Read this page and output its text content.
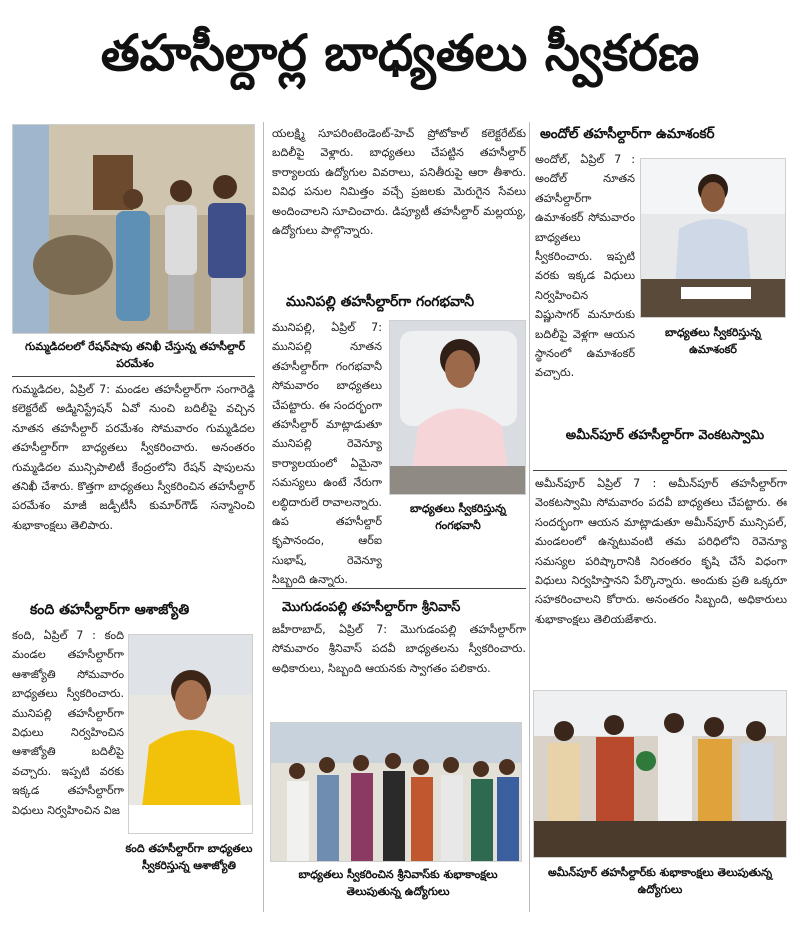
తహసీల్దార్ల బాధ్యతలు స్వీకరణ
గుమ్మడిదలలో రేషన్‌షాపు తనిఖీ చేస్తున్న తహసీల్దార్ పరమేశం
గుమ్మడిదల, ఏప్రిల్ 7: మండల తహసీల్దార్‌గా సంగారెడ్డి కలెక్టరేట్ అడ్మినిస్ట్రేషన్ ఏవో నుంచి బదిలీపై వచ్చిన నూతన తహసీల్దార్ పరమేశం సోమవారం గుమ్మడిదల తహసీల్దార్‌గా బాధ్యతలు స్వీకరించారు. అనంతరం గుమ్మడిదల మున్సిపాలిటీ కేంద్రంలోని రేషన్ షాపులను తనిఖీ చేశారు. కొత్తగా బాధ్యతలు స్వీకరించిన తహసీల్దార్ పరమేశం మాజీ జడ్పీటీసీ కుమార్‌గౌడ్ సన్మానించి శుభాకాంక్షలు తెలిపారు.
కంది తహసీల్దార్‌గా ఆశాజ్యోతి
కంది, ఏప్రిల్ 7 : కంది మండల తహసీల్దార్‌గా ఆశాజ్యోతి సోమవారం బాధ్యతలు స్వీకరించారు. మునిపల్లి తహసీల్దార్‌గా విధులు నిర్వహించిన ఆశాజ్యోతి బదిలీపై వచ్చారు. ఇప్పటి వరకు ఇక్కడ తహసీల్దార్‌గా విధులు నిర్వహించిన విజ
కంది తహసీల్దార్‌గా బాధ్యతలు స్వీకరిస్తున్న ఆశాజ్యోతి
యలక్ష్మి సూపరింటెండెంట్-హెచ్ ప్రోటోకాల్ కలెక్టరేట్‌కు బదిలీపై వెళ్లారు. బాధ్యతలు చేపట్టిన తహసీల్దార్ కార్యాలయ ఉద్యోగుల వివరాలు, పనితీరుపై ఆరా తీశారు. వివిధ పనుల నిమిత్తం వచ్చే ప్రజలకు మెరుగైన సేవలు అందించాలని సూచించారు. డిప్యూటీ తహసీల్దార్ మల్లయ్య, ఉద్యోగులు పాల్గొన్నారు.
మునిపల్లి తహసీల్దార్‌గా గంగభవానీ
మునిపల్లి, ఏప్రిల్ 7: మునిపల్లి నూతన తహసీల్దార్‌గా గంగభవానీ సోమవారం బాధ్యతలు చేపట్టారు. ఈ సందర్భంగా తహసీల్దార్ మాట్లాడుతూ మునిపల్లి రెవెన్యూ కార్యాలయంలో ఏమైనా సమస్యలు ఉంటే నేరుగా లబ్ధిదారులే రావాలన్నారు. ఉప తహసీల్దార్ కృపానందం, ఆర్‌ఐ సుభాష్, రెవెన్యూ సిబ్బంది ఉన్నారు.
బాధ్యతలు స్వీకరిస్తున్న గంగభవానీ
మొగుడంపల్లి తహసీల్దార్‌గా శ్రీనివాస్
జహీరాబాద్, ఏప్రిల్ 7: మొగుడంపల్లి తహసీల్దార్‌గా సోమవారం శ్రీనివాస్ పదవీ బాధ్యతలను స్వీకరించారు. అధికారులు, సిబ్బంది ఆయనకు స్వాగతం పలికారు.
బాధ్యతలు స్వీకరించిన శ్రీనివాస్‌కు శుభాకాంక్షలు తెలుపుతున్న ఉద్యోగులు
అందోల్ తహసీల్దార్‌గా ఉమాశంకర్
అందోల్, ఏప్రిల్ 7 : అందోల్ నూతన తహసీల్దార్‌గా ఉమాశంకర్ సోమవారం బాధ్యతలు స్వీకరించారు. ఇప్పటి వరకు ఇక్కడ విధులు నిర్వహించిన విష్ణుసాగర్ మనూరుకు బదిలీపై వెళ్లగా ఆయన స్థానంలో ఉమాశంకర్ వచ్చారు.
బాధ్యతలు స్వీకరిస్తున్న ఉమాశంకర్
అమీన్‌పూర్ తహసీల్దార్‌గా వెంకటస్వామి
అమీన్‌పూర్ ఏప్రిల్ 7 : అమీన్‌పూర్ తహసీల్దార్‌గా వెంకటస్వామి సోమవారం పదవీ బాధ్యతలు చేపట్టారు. ఈ సందర్భంగా ఆయన మాట్లాడుతూ అమీన్‌పూర్ మున్సిపల్, మండలంలో ఉన్నటువంటి తమ పరిధిలోని రెవెన్యూ సమస్యల పరిష్కారానికి నిరంతరం కృషి చేసే విధంగా విధులు నిర్వహిస్తానని పేర్కొన్నారు. అందుకు ప్రతి ఒక్కరూ సహకరించాలని కోరారు. అనంతరం సిబ్బంది, అధికారులు శుభాకాంక్షలు తెలియజేశారు.
అమీన్‌పూర్ తహసీల్దార్‌కు శుభాకాంక్షలు తెలుపుతున్న ఉద్యోగులు
